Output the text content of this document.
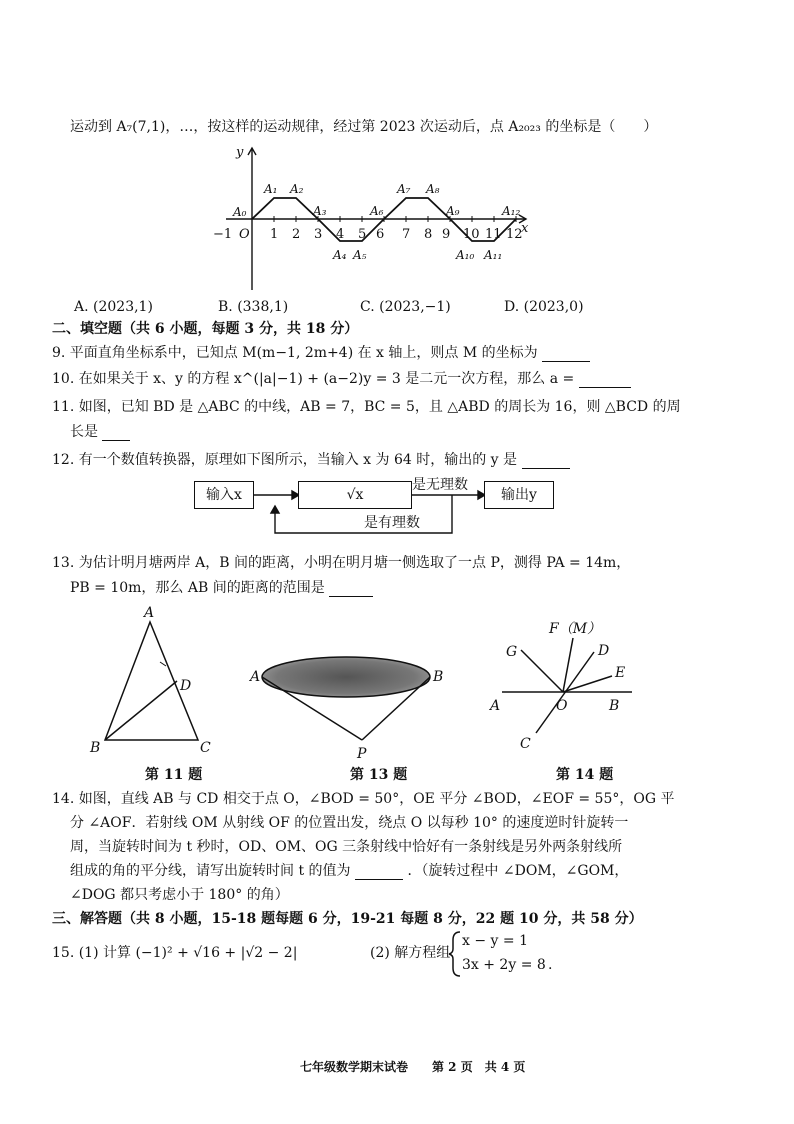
运动到 A₇(7,1)，…，按这样的运动规律，经过第 2023 次运动后，点 A₂₀₂₃ 的坐标是（　　）
y
x
−1 O 1 2 3 4 5 6 7 8 9 10 11 12
A₀
A₁ A₂
A₃
A₄ A₅
A₆
A₇ A₈
A₉
A₁₀ A₁₁
A₁₂
A. (2023,1)	B. (338,1)	C. (2023,−1)	D. (2023,0)
二、填空题（共 6 小题，每题 3 分，共 18 分）
9. 平面直角坐标系中，已知点 M(m−1, 2m+4) 在 x 轴上，则点 M 的坐标为
10. 在如果关于 x、y 的方程 x^(|a|−1) + (a−2)y = 3 是二元一次方程，那么 a =
11. 如图，已知 BD 是 △ABC 的中线，AB = 7，BC = 5，且 △ABD 的周长为 16，则 △BCD 的周
长是
12. 有一个数值转换器，原理如下图所示，当输入 x 为 64 时，输出的 y 是
输入x	√x
是无理数
输出y
是有理数
13. 为估计明月塘两岸 A，B 间的距离，小明在明月塘一侧选取了一点 P，测得 PA = 14m，
PB = 10m，那么 AB 间的距离的范围是
A
B	C
D
第 11 题
A	B
P
第 13 题
F（M）
G	D
E
A	O	B
C
第 14 题
14. 如图，直线 AB 与 CD 相交于点 O，∠BOD = 50°，OE 平分 ∠BOD，∠EOF = 55°，OG 平
分 ∠AOF．若射线 OM 从射线 OF 的位置出发，绕点 O 以每秒 10° 的速度逆时针旋转一
周，当旋转时间为 t 秒时，OD、OM、OG 三条射线中恰好有一条射线是另外两条射线所
组成的角的平分线，请写出旋转时间 t 的值为	．（旋转过程中 ∠DOM，∠GOM，
∠DOG 都只考虑小于 180° 的角）
三、解答题（共 8 小题，15-18 题每题 6 分，19-21 每题 8 分，22 题 10 分，共 58 分）
15. (1) 计算 (−1)² + √16 + |√2 − 2|	(2) 解方程组
x − y = 1
3x + 2y = 8 .
七年级数学期末试卷　　第 2 页　共 4 页
